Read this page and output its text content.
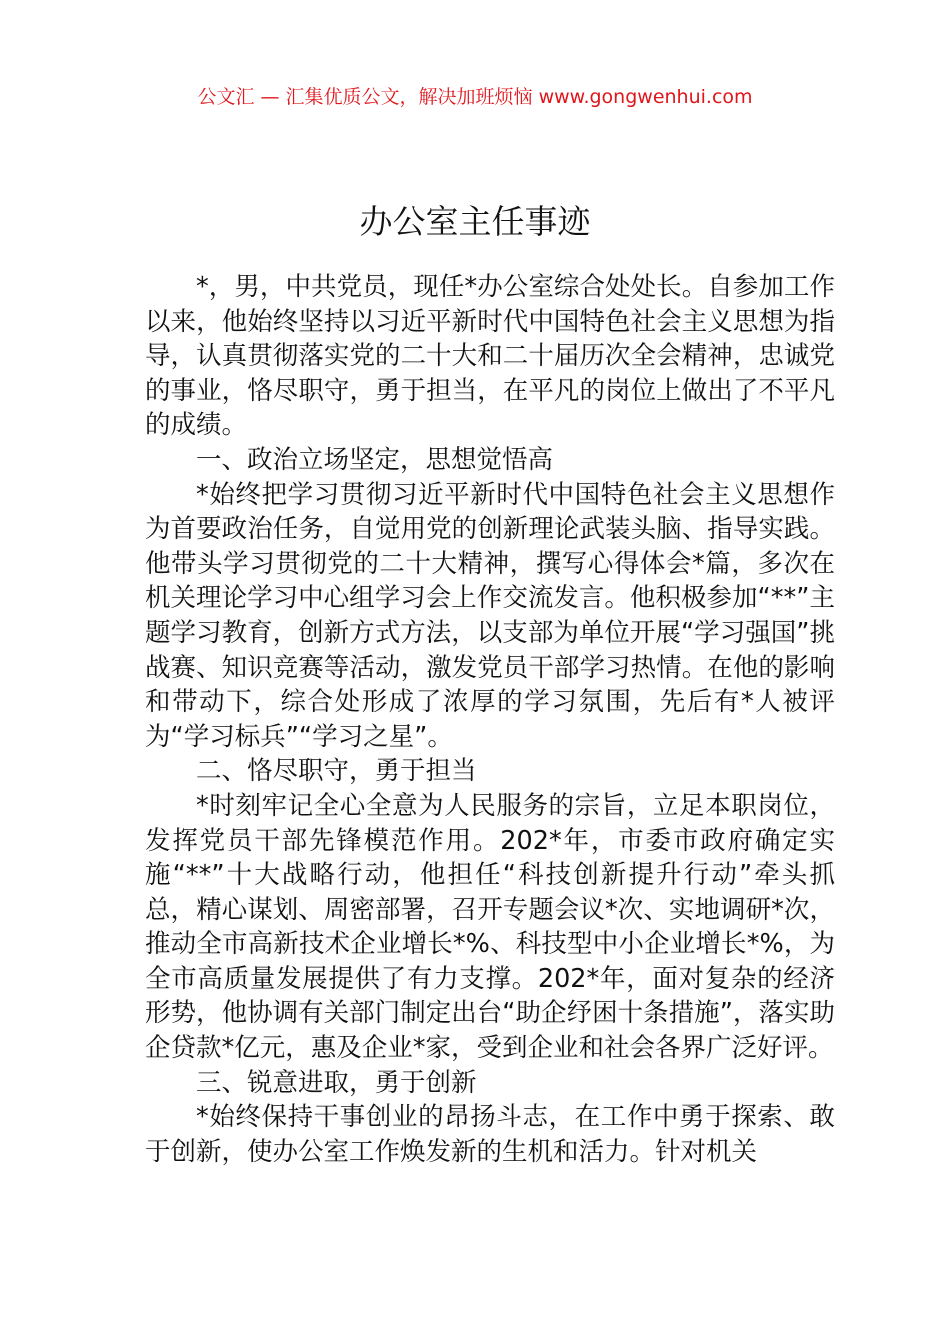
公文汇 — 汇集优质公文，解决加班烦恼 www.gongwenhui.com
办公室主任事迹

*，男，中共党员，现任*办公室综合处处长。自参加工作以来，他始终坚持以习近平新时代中国特色社会主义思想为指导，认真贯彻落实党的二十大和二十届历次全会精神，忠诚党的事业，恪尽职守，勇于担当，在平凡的岗位上做出了不平凡的成绩。

一、政治立场坚定，思想觉悟高

*始终把学习贯彻习近平新时代中国特色社会主义思想作为首要政治任务，自觉用党的创新理论武装头脑、指导实践。他带头学习贯彻党的二十大精神，撰写心得体会*篇，多次在机关理论学习中心组学习会上作交流发言。他积极参加“**”主题学习教育，创新方式方法，以支部为单位开展“学习强国”挑战赛、知识竞赛等活动，激发党员干部学习热情。在他的影响和带动下，综合处形成了浓厚的学习氛围，先后有*人被评为“学习标兵”“学习之星”。

二、恪尽职守，勇于担当

*时刻牢记全心全意为人民服务的宗旨，立足本职岗位，发挥党员干部先锋模范作用。202*年，市委市政府确定实施“**”十大战略行动，他担任“科技创新提升行动”牵头抓总，精心谋划、周密部署，召开专题会议*次、实地调研*次，推动全市高新技术企业增长*%、科技型中小企业增长*%，为全市高质量发展提供了有力支撑。202*年，面对复杂的经济形势，他协调有关部门制定出台“助企纾困十条措施”，落实助企贷款*亿元，惠及企业*家，受到企业和社会各界广泛好评。

三、锐意进取，勇于创新

*始终保持干事创业的昂扬斗志，在工作中勇于探索、敢于创新，使办公室工作焕发新的生机和活力。针对机关
